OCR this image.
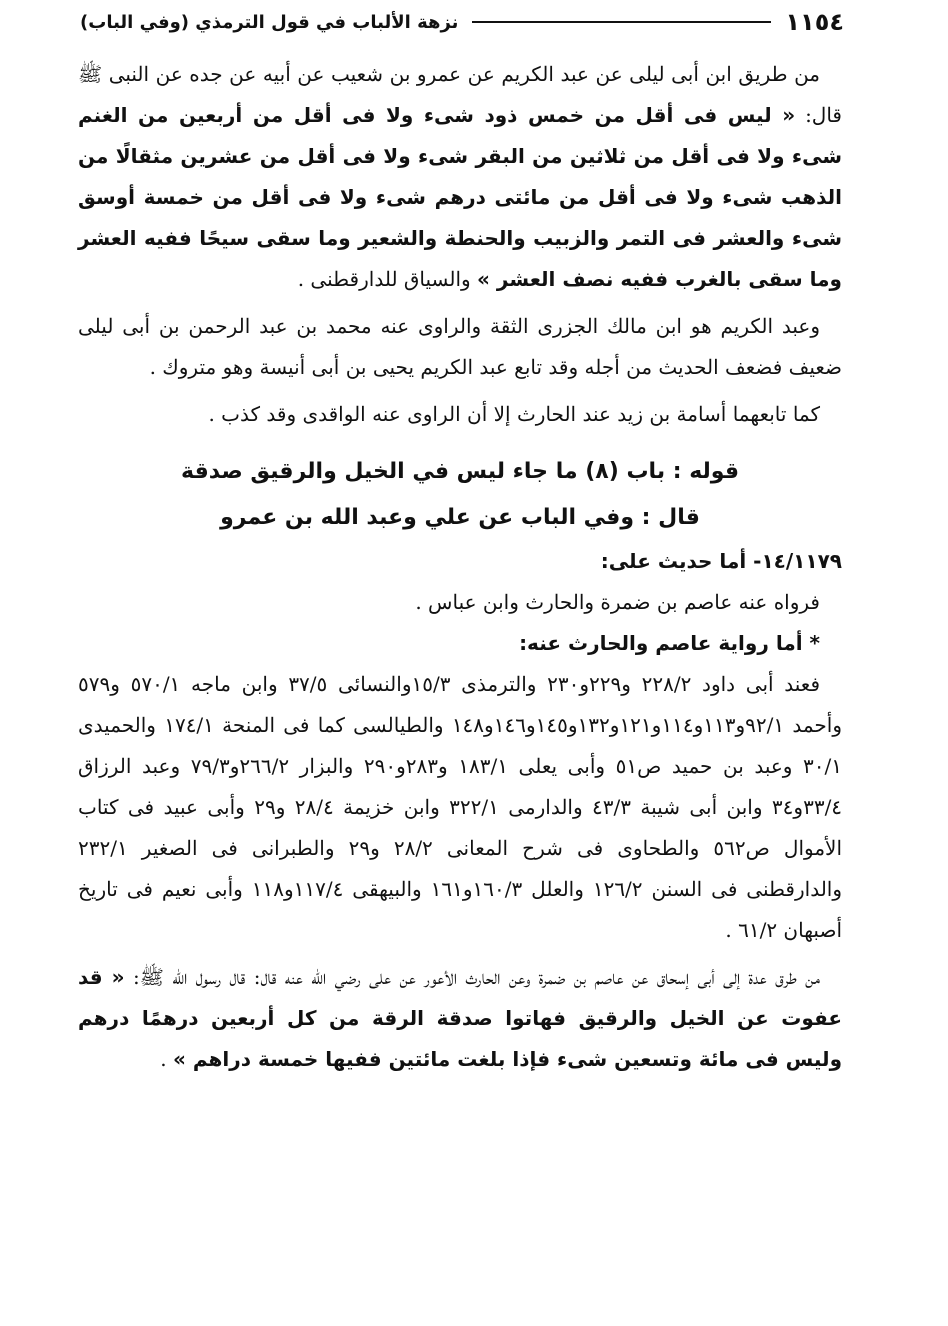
١١٥٤
نزهة الألباب في قول الترمذي (وفي الباب)

من طريق ابن أبى ليلى عن عبد الكريم عن عمرو بن شعيب عن أبيه عن جده عن النبى ﷺ قال: « ليس فى أقل من خمس ذود شىء ولا فى أقل من أربعين من الغنم شىء ولا فى أقل من ثلاثين من البقر شىء ولا فى أقل من عشرين مثقالًا من الذهب شىء ولا فى أقل من مائتى درهم شىء ولا فى أقل من خمسة أوسق شىء والعشر فى التمر والزبيب والحنطة والشعير وما سقى سيحًا ففيه العشر وما سقى بالغرب ففيه نصف العشر » والسياق للدارقطنى .

وعبد الكريم هو ابن مالك الجزرى الثقة والراوى عنه محمد بن عبد الرحمن بن أبى ليلى ضعيف فضعف الحديث من أجله وقد تابع عبد الكريم يحيى بن أبى أنيسة وهو متروك .

كما تابعهما أسامة بن زيد عند الحارث إلا أن الراوى عنه الواقدى وقد كذب .

قوله : باب (٨) ما جاء ليس في الخيل والرقيق صدقة

قال : وفي الباب عن علي وعبد الله بن عمرو

١٤/١١٧٩- أما حديث على:

فرواه عنه عاصم بن ضمرة والحارث وابن عباس .

* أما رواية عاصم والحارث عنه:

فعند أبى داود ٢٢٨/٢ و٢٢٩و٢٣٠ والترمذى ١٥/٣والنسائى ٣٧/٥ وابن ماجه ٥٧٠/١ و٥٧٩ وأحمد ٩٢/١و١١٣و١١٤و١٢١و١٣٢و١٤٥و١٤٦و١٤٨ والطيالسى كما فى المنحة ١٧٤/١ والحميدى ٣٠/١ وعبد بن حميد ص٥١ وأبى يعلى ١٨٣/١ و٢٨٣و٢٩٠ والبزار ٢٦٦/٢و٧٩/٣ وعبد الرزاق ٣٣/٤و٣٤ وابن أبى شيبة ٤٣/٣ والدارمى ٣٢٢/١ وابن خزيمة ٢٨/٤ و٢٩ وأبى عبيد فى كتاب الأموال ص٥٦٢ والطحاوى فى شرح المعانى ٢٨/٢ و٢٩ والطبرانى فى الصغير ٢٣٢/١ والدارقطنى فى السنن ١٢٦/٢ والعلل ١٦٠/٣و١٦١ والبيهقى ١١٧/٤و١١٨ وأبى نعيم فى تاريخ أصبهان ٦١/٢ .

من طرق عدة إلى أبى إسحاق عن عاصم بن ضمرة وعن الحارث الأعور عن على رضي الله عنه قال: قال رسول الله ﷺ: « قد عفوت عن الخيل والرقيق فهاتوا صدقة الرقة من كل أربعين درهمًا درهم وليس فى مائة وتسعين شىء فإذا بلغت مائتين ففيها خمسة دراهم » .
